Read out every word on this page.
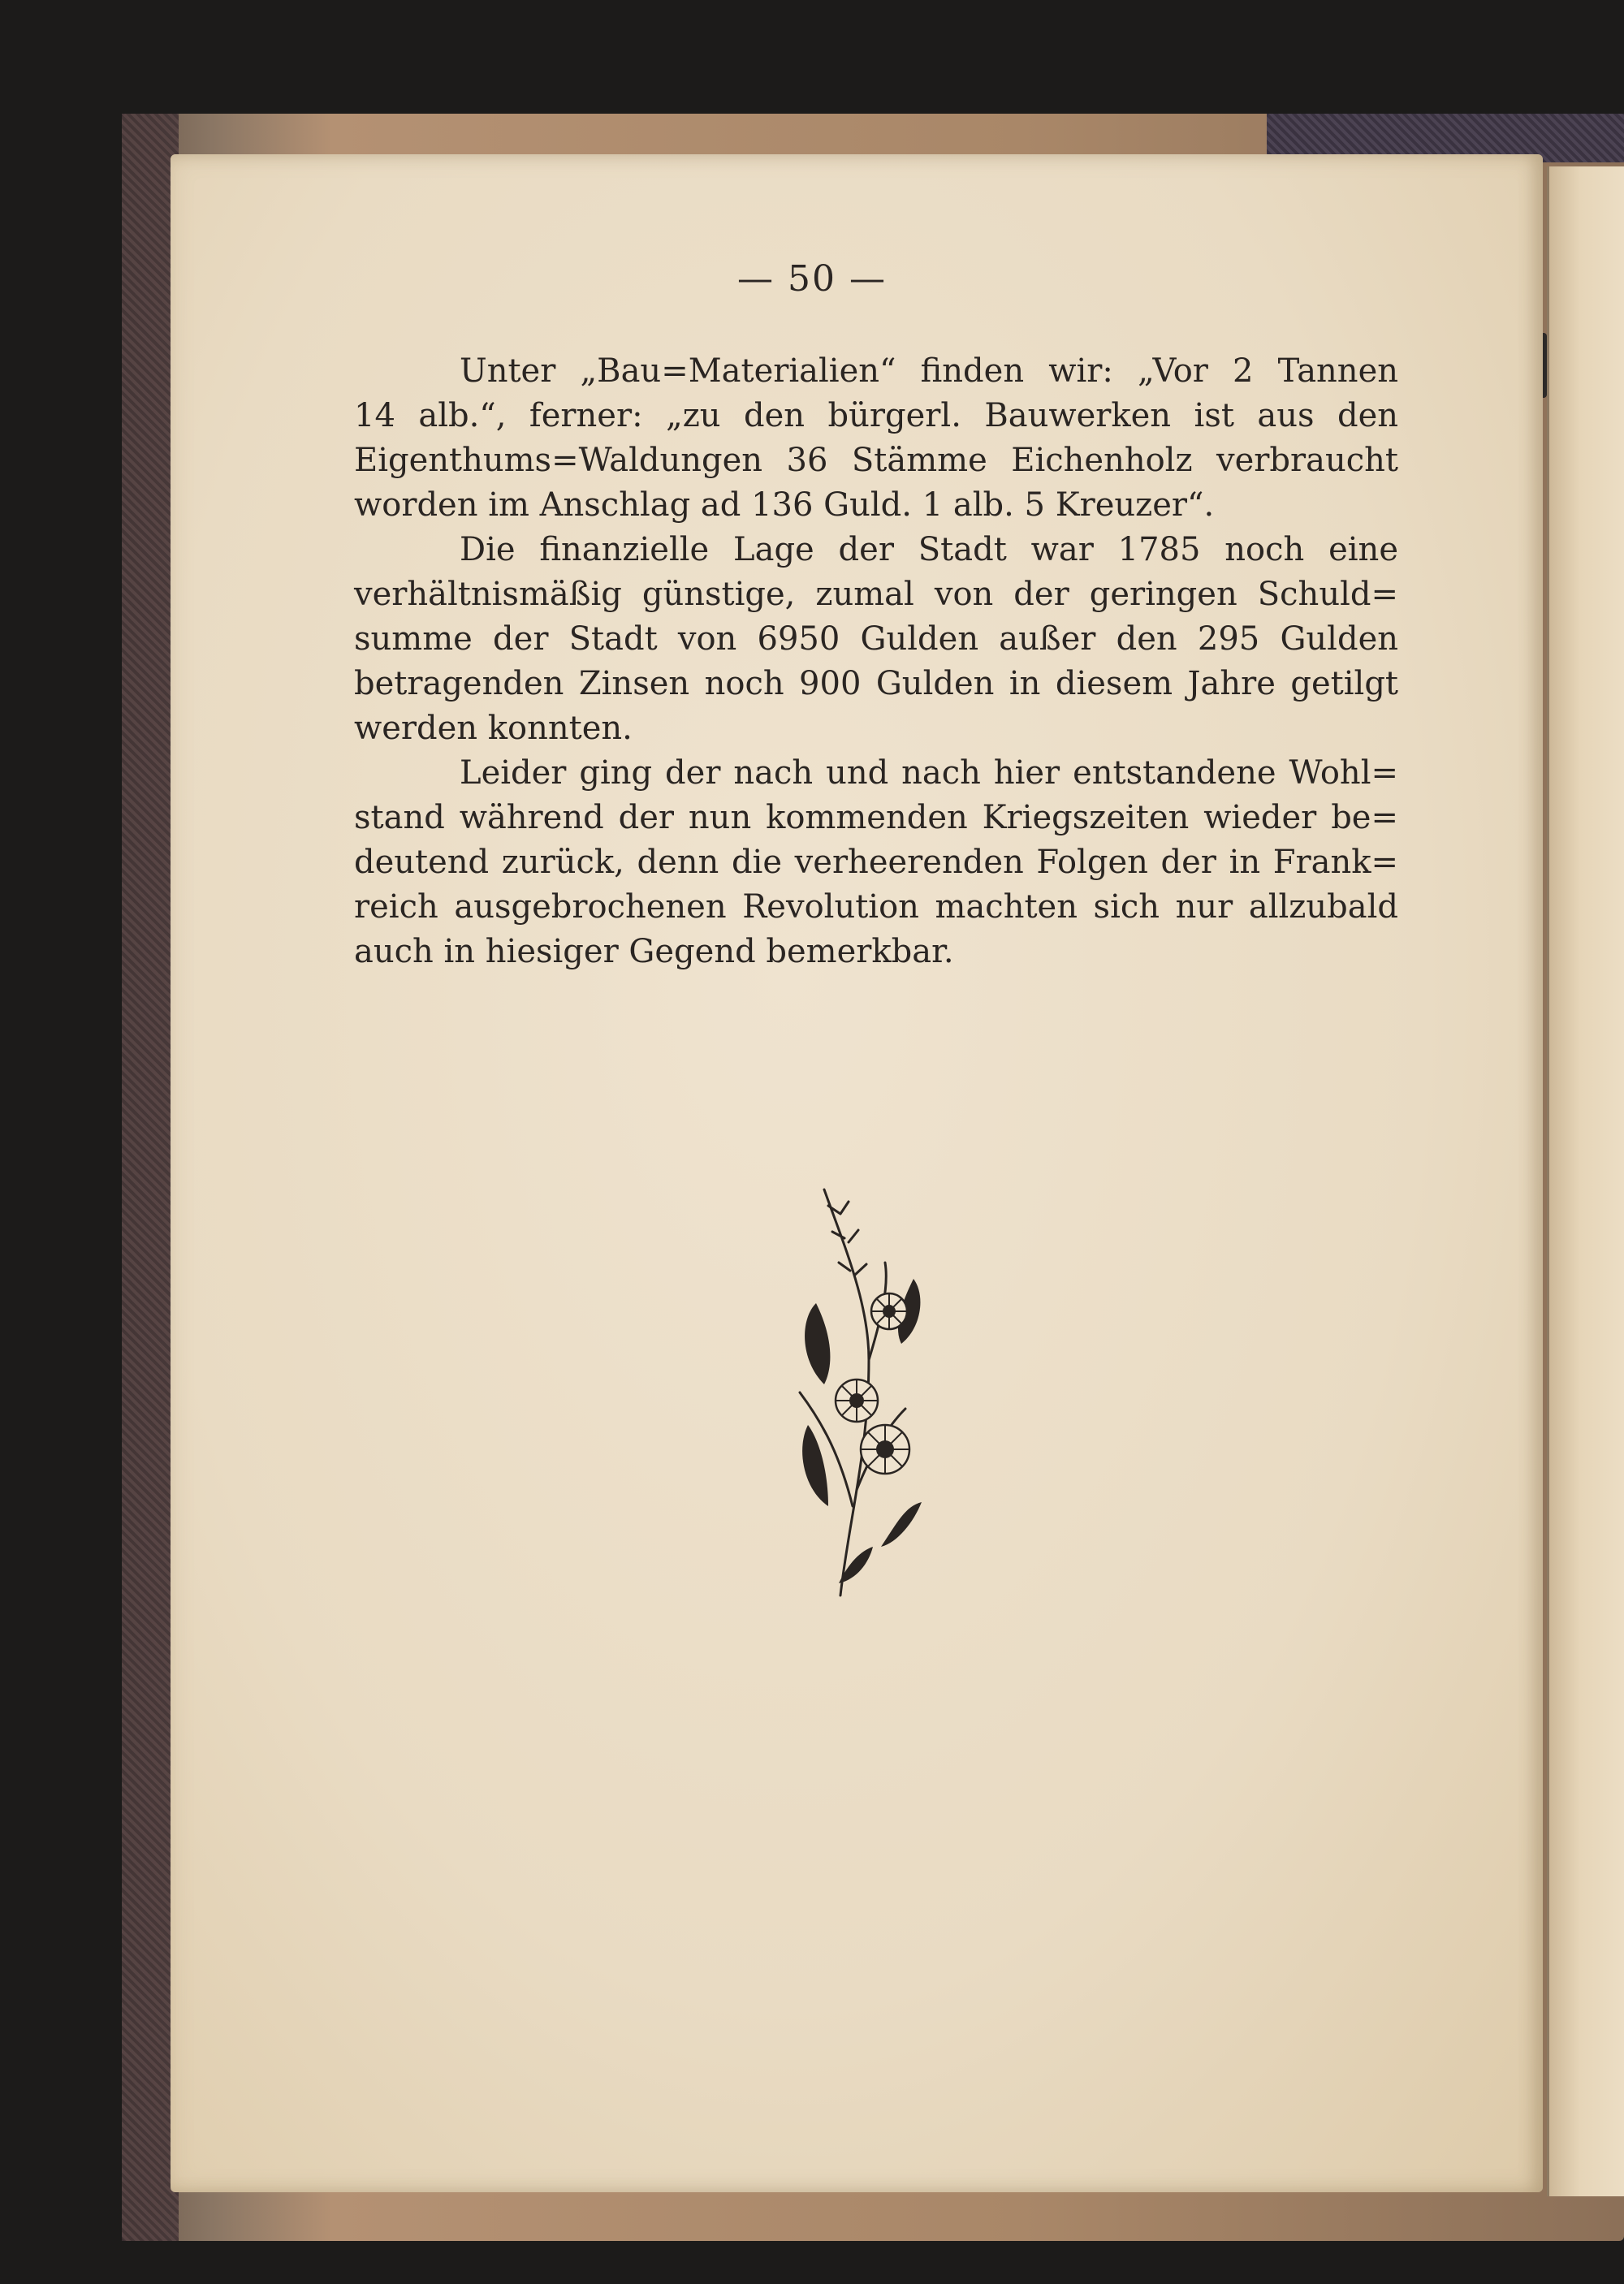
— 50 —
Unter „Bau=Materialien“ finden wir: „Vor 2 Tannen
14 alb.“, ferner: „zu den bürgerl. Bauwerken ist aus den
Eigenthums=Waldungen 36 Stämme Eichenholz verbraucht
worden im Anschlag ad 136 Guld. 1 alb. 5 Kreuzer“.
Die finanzielle Lage der Stadt war 1785 noch eine
verhältnismäßig günstige, zumal von der geringen Schuld=
summe der Stadt von 6950 Gulden außer den 295 Gulden
betragenden Zinsen noch 900 Gulden in diesem Jahre getilgt
werden konnten.
Leider ging der nach und nach hier entstandene Wohl=
stand während der nun kommenden Kriegszeiten wieder be=
deutend zurück, denn die verheerenden Folgen der in Frank=
reich ausgebrochenen Revolution machten sich nur allzubald
auch in hiesiger Gegend bemerkbar.
